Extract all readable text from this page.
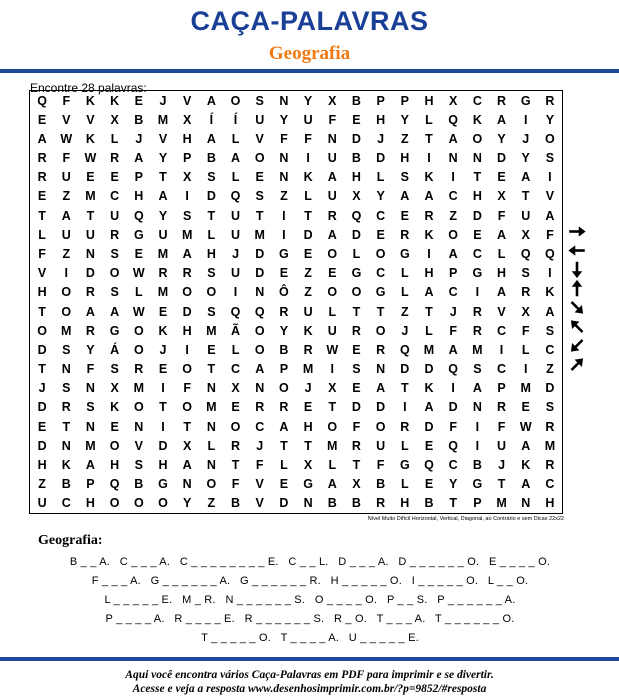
CAÇA-PALAVRAS
Geografia
Encontre 28 palavras:
Q	F	K	K	E	J	V	A	O	S	N	Y	X	B	P	P	H	X	C	R	G	R
E	V	V	X	B	M	X	Í	Í	U	Y	U	F	E	H	Y	L	Q	K	A	I	Y
A	W	K	L	J	V	H	A	L	V	F	F	N	D	J	Z	T	A	O	Y	J	O
R	F	W	R	A	Y	P	B	A	O	N	I	U	B	D	H	I	N	N	D	Y	S
R	U	E	E	P	T	X	S	L	E	N	K	A	H	L	S	K	I	T	E	A	I
E	Z	M	C	H	A	I	D	Q	S	Z	L	U	X	Y	A	A	C	H	X	T	V
T	A	T	U	Q	Y	S	T	U	T	I	T	R	Q	C	E	R	Z	D	F	U	A
L	U	U	R	G	U	M	L	U	M	I	D	A	D	E	R	K	O	E	A	X	F
F	Z	N	S	E	M	A	H	J	D	G	E	O	L	O	G	I	A	C	L	Q	Q
V	I	D	O	W	R	R	S	U	D	E	Z	E	G	C	L	H	P	G	H	S	I
H	O	R	S	L	M	O	O	I	N	Ô	Z	O	O	G	L	A	C	I	A	R	K
T	O	A	A	W	E	D	S	Q	Q	R	U	L	T	T	Z	T	J	R	V	X	A
O	M	R	G	O	K	H	M	Ã	O	Y	K	U	R	O	J	L	F	R	C	F	S
D	S	Y	Á	O	J	I	E	L	O	B	R	W	E	R	Q	M	A	M	I	L	C
T	N	F	S	R	E	O	T	C	A	P	M	I	S	N	D	D	Q	S	C	I	Z
J	S	N	X	M	I	F	N	X	N	O	J	X	E	A	T	K	I	A	P	M	D
D	R	S	K	O	T	O	M	E	R	R	E	T	D	D	I	A	D	N	R	E	S
E	T	N	E	N	I	T	N	O	C	A	H	O	F	O	R	D	F	I	F	W	R
D	N	M	O	V	D	X	L	R	J	T	T	M	R	U	L	E	Q	I	U	A	M
H	K	A	H	S	H	A	N	T	F	L	X	L	T	F	G	Q	C	B	J	K	R
Z	B	P	Q	B	G	N	O	F	V	E	G	A	X	B	L	E	Y	G	T	A	C
U	C	H	O	O	O	Y	Z	B	V	D	N	B	B	R	H	B	T	P	M	N	H
Nível Muito Difícil Horizontal, Vertical, Diagonal, ao Contrário e sem Dicas 22x22
Geografia:
B _ _ A.   C _ _ _ A.   C _ _ _ _ _ _ _ _ E.   C _ _ L.   D _ _ _ A.   D _ _ _ _ _ _ O.   E _ _ _ _ O.
F _ _ _ A.   G _ _ _ _ _ _ A.   G _ _ _ _ _ _ R.   H _ _ _ _ _ O.   I _ _ _ _ _ O.   L _ _ O.
L _ _ _ _ _ E.   M _ R.   N _ _ _ _ _ _ S.   O _ _ _ _ O.   P _ _ S.   P _ _ _ _ _ _ A.
P _ _ _ _ A.   R _ _ _ _ E.   R _ _ _ _ _ _ S.   R _ O.   T _ _ _ A.   T _ _ _ _ _ _ O.
T _ _ _ _ _ O.   T _ _ _ _ A.   U _ _ _ _ _ E.
Aqui você encontra vários Caça-Palavras em PDF para imprimir e se divertir.
Acesse e veja a resposta www.desenhosimprimir.com.br/?p=9852/#resposta
